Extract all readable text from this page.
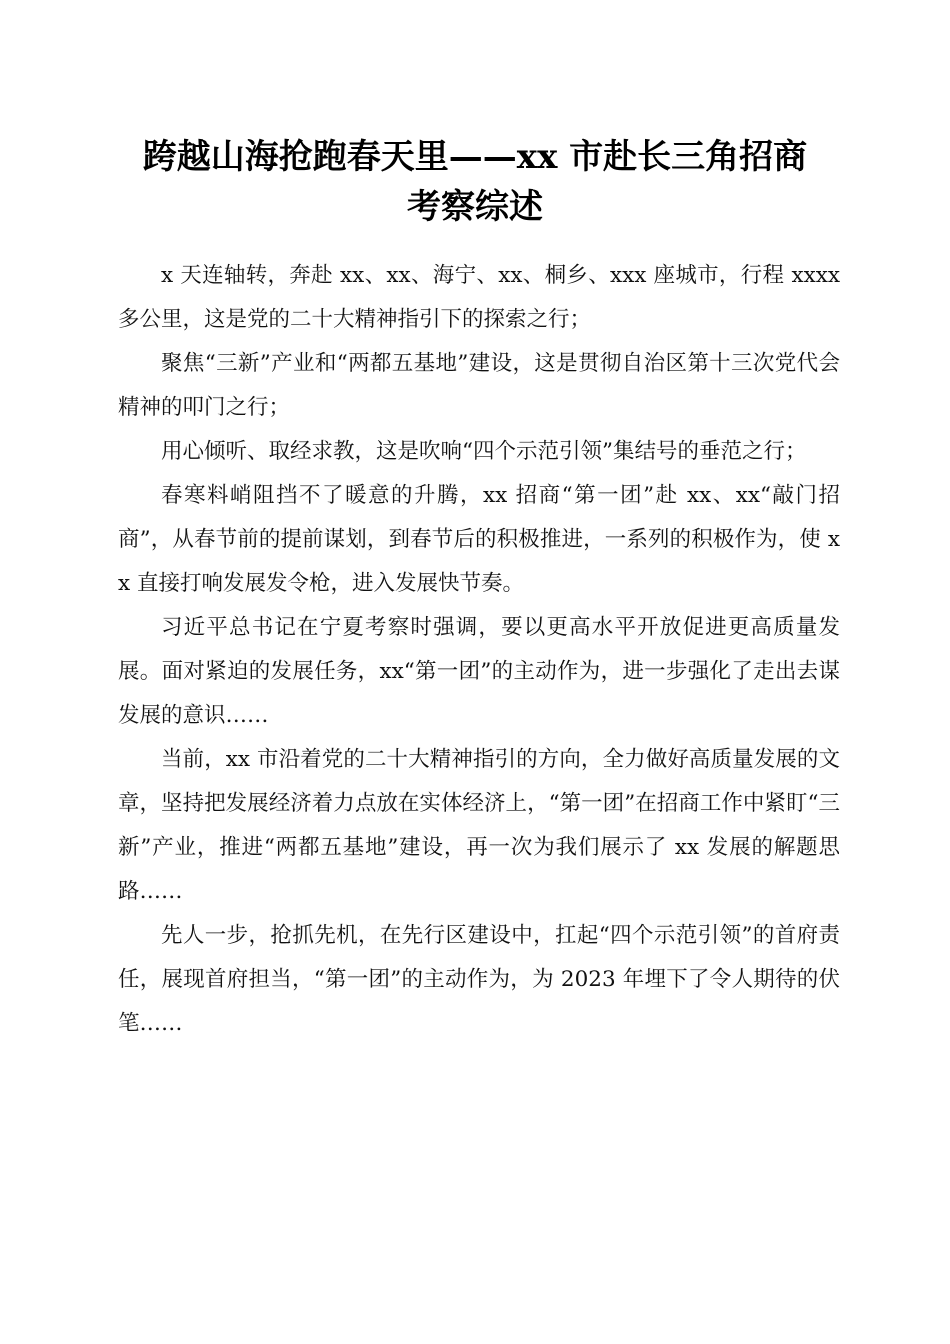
跨越山海抢跑春天里——xx 市赴长三角招商
考察综述

x 天连轴转，奔赴 xx、xx、海宁、xx、桐乡、xxx 座城市，行程 xxxx 多公里，这是党的二十大精神指引下的探索之行；

聚焦“三新”产业和“两都五基地”建设，这是贯彻自治区第十三次党代会精神的叩门之行；

用心倾听、取经求教，这是吹响“四个示范引领”集结号的垂范之行；

春寒料峭阻挡不了暖意的升腾，xx 招商“第一团”赴 xx、xx“敲门招商”，从春节前的提前谋划，到春节后的积极推进，一系列的积极作为，使 xx 直接打响发展发令枪，进入发展快节奏。

习近平总书记在宁夏考察时强调，要以更高水平开放促进更高质量发展。面对紧迫的发展任务，xx“第一团”的主动作为，进一步强化了走出去谋发展的意识……

当前，xx 市沿着党的二十大精神指引的方向，全力做好高质量发展的文章，坚持把发展经济着力点放在实体经济上，“第一团”在招商工作中紧盯“三新”产业，推进“两都五基地”建设，再一次为我们展示了 xx 发展的解题思路……

先人一步，抢抓先机，在先行区建设中，扛起“四个示范引领”的首府责任，展现首府担当，“第一团”的主动作为，为 2023 年埋下了令人期待的伏笔……
